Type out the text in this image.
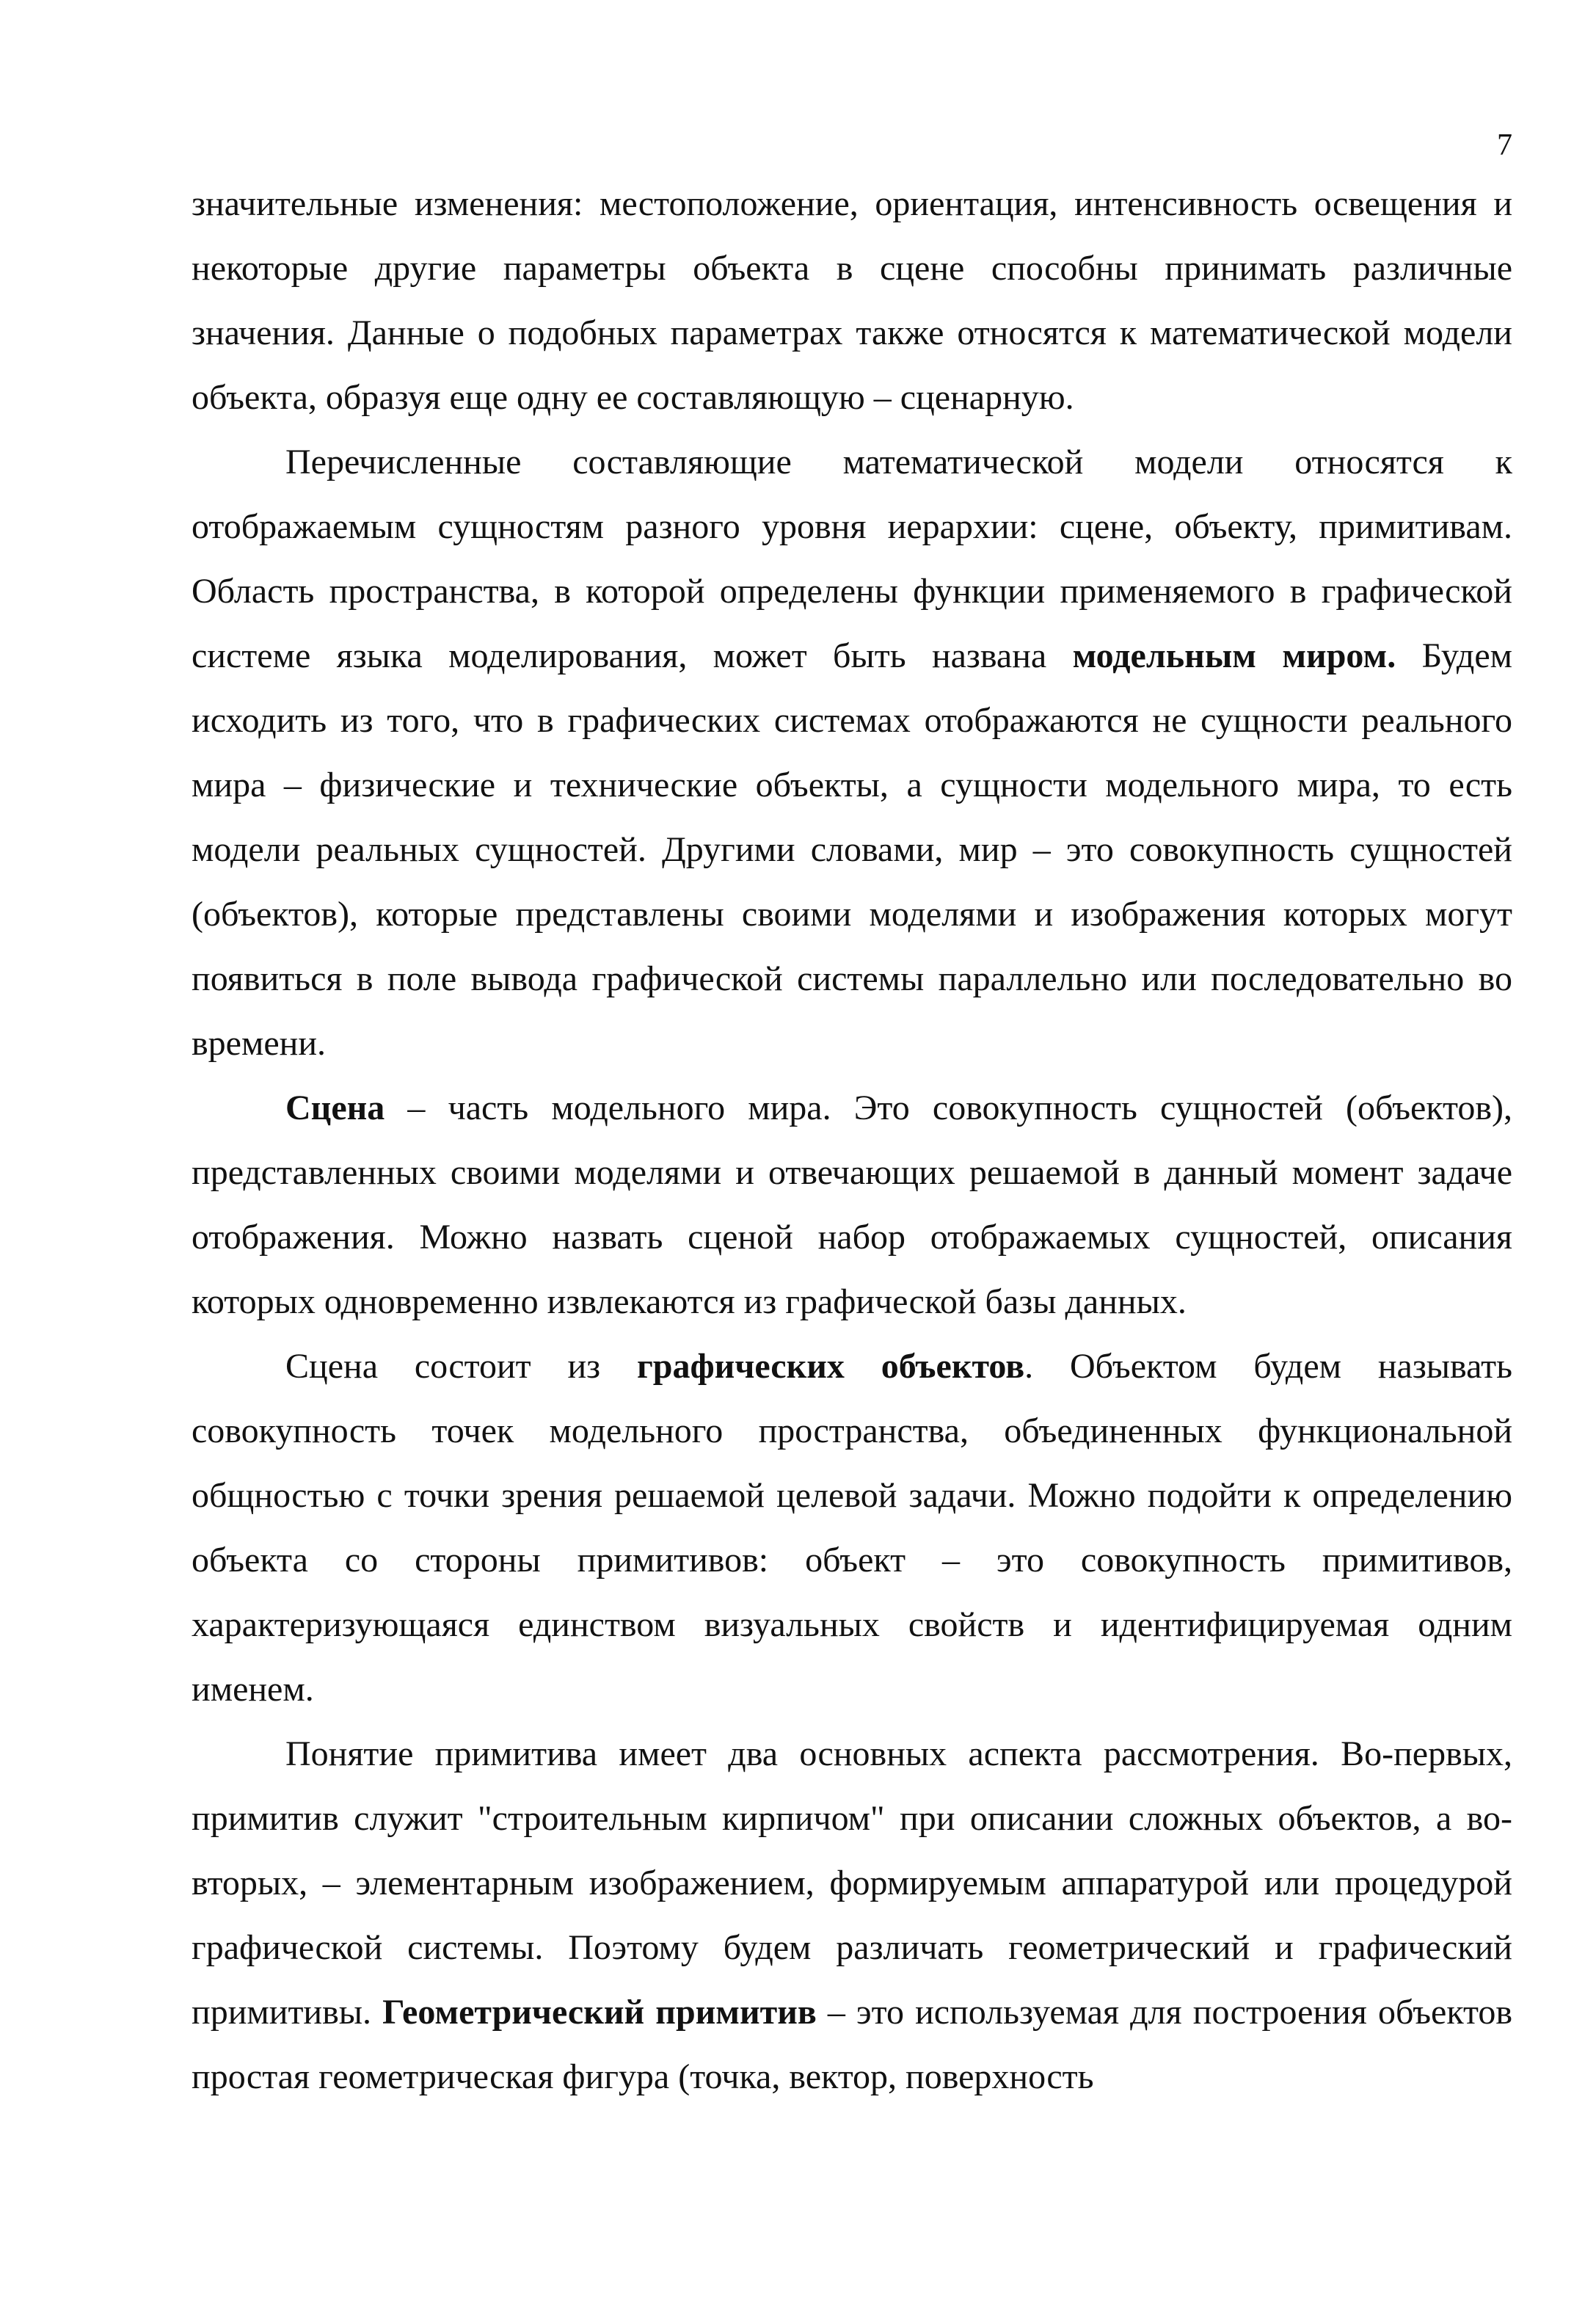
7

значительные изменения: местоположение, ориентация, интенсивность освещения и некоторые другие параметры объекта в сцене способны принимать различные значения. Данные о подобных параметрах также относятся к математической модели объекта, образуя еще одну ее составляющую – сценарную.

Перечисленные составляющие математической модели относятся к отображаемым сущностям разного уровня иерархии: сцене, объекту, примитивам. Область пространства, в которой определены функции применяемого в графической системе языка моделирования, может быть названа модельным миром. Будем исходить из того, что в графических системах отображаются не сущности реального мира – физические и технические объекты, а сущности модельного мира, то есть модели реальных сущностей. Другими словами, мир – это совокупность сущностей (объектов), которые представлены своими моделями и изображения которых могут появиться в поле вывода графической системы параллельно или последовательно во времени.

Сцена – часть модельного мира. Это совокупность сущностей (объектов), представленных своими моделями и отвечающих решаемой в данный момент задаче отображения. Можно назвать сценой набор отображаемых сущностей, описания которых одновременно извлекаются из графической базы данных.

Сцена состоит из графических объектов. Объектом будем называть совокупность точек модельного пространства, объединенных функциональной общностью с точки зрения решаемой целевой задачи. Можно подойти к определению объекта со стороны примитивов: объект – это совокупность примитивов, характеризующаяся единством визуальных свойств и идентифицируемая одним именем.

Понятие примитива имеет два основных аспекта рассмотрения. Во-первых, примитив служит "строительным кирпичом" при описании сложных объектов, а во-вторых, – элементарным изображением, формируемым аппаратурой или процедурой графической системы. Поэтому будем различать геометрический и графический примитивы. Геометрический примитив – это используемая для построения объектов простая геометрическая фигура (точка, вектор, поверхность
